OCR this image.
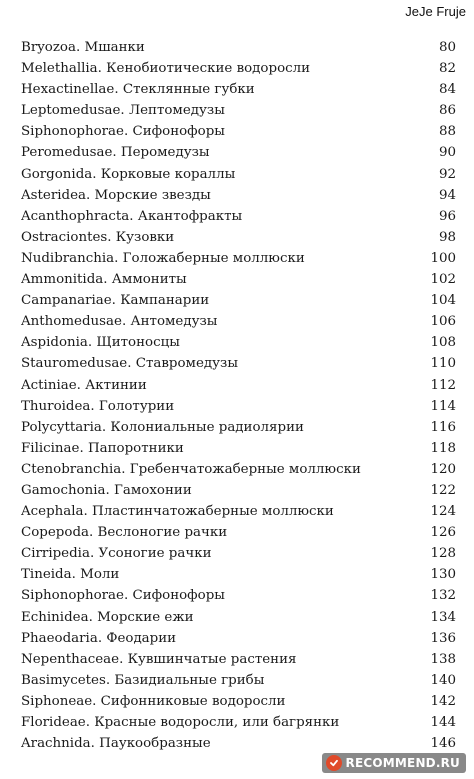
JeJe Fruje
Bryozoa. Мшанки	80
Melethallia. Кенобиотические водоросли	82
Hexactinellae. Стеклянные губки	84
Leptomedusae. Лептомедузы	86
Siphonophorae. Сифонофоры	88
Peromedusae. Перомедузы	90
Gorgonida. Корковые кораллы	92
Asteridea. Морские звезды	94
Acanthophracta. Акантофракты	96
Ostraciontes. Кузовки	98
Nudibranchia. Голожаберные моллюски	100
Ammonitida. Аммониты	102
Campanariae. Кампанарии	104
Anthomedusae. Антомедузы	106
Aspidonia. Щитоносцы	108
Stauromedusae. Ставромедузы	110
Actiniae. Актинии	112
Thuroidea. Голотурии	114
Polycyttaria. Колониальные радиолярии	116
Filicinae. Папоротники	118
Ctenobranchia. Гребенчатожаберные моллюски	120
Gamochonia. Гамохонии	122
Acephala. Пластинчатожаберные моллюски	124
Copepoda. Веслоногие рачки	126
Cirripedia. Усоногие рачки	128
Tineida. Моли	130
Siphonophorae. Сифонофоры	132
Echinidea. Морские ежи	134
Phaeodaria. Феодарии	136
Nepenthaceae. Кувшинчатые растения	138
Basimycetes. Базидиальные грибы	140
Siphoneae. Сифонниковые водоросли	142
Florideae. Красные водоросли, или багрянки	144
Arachnida. Паукообразные	146
RECOMMEND.RU
